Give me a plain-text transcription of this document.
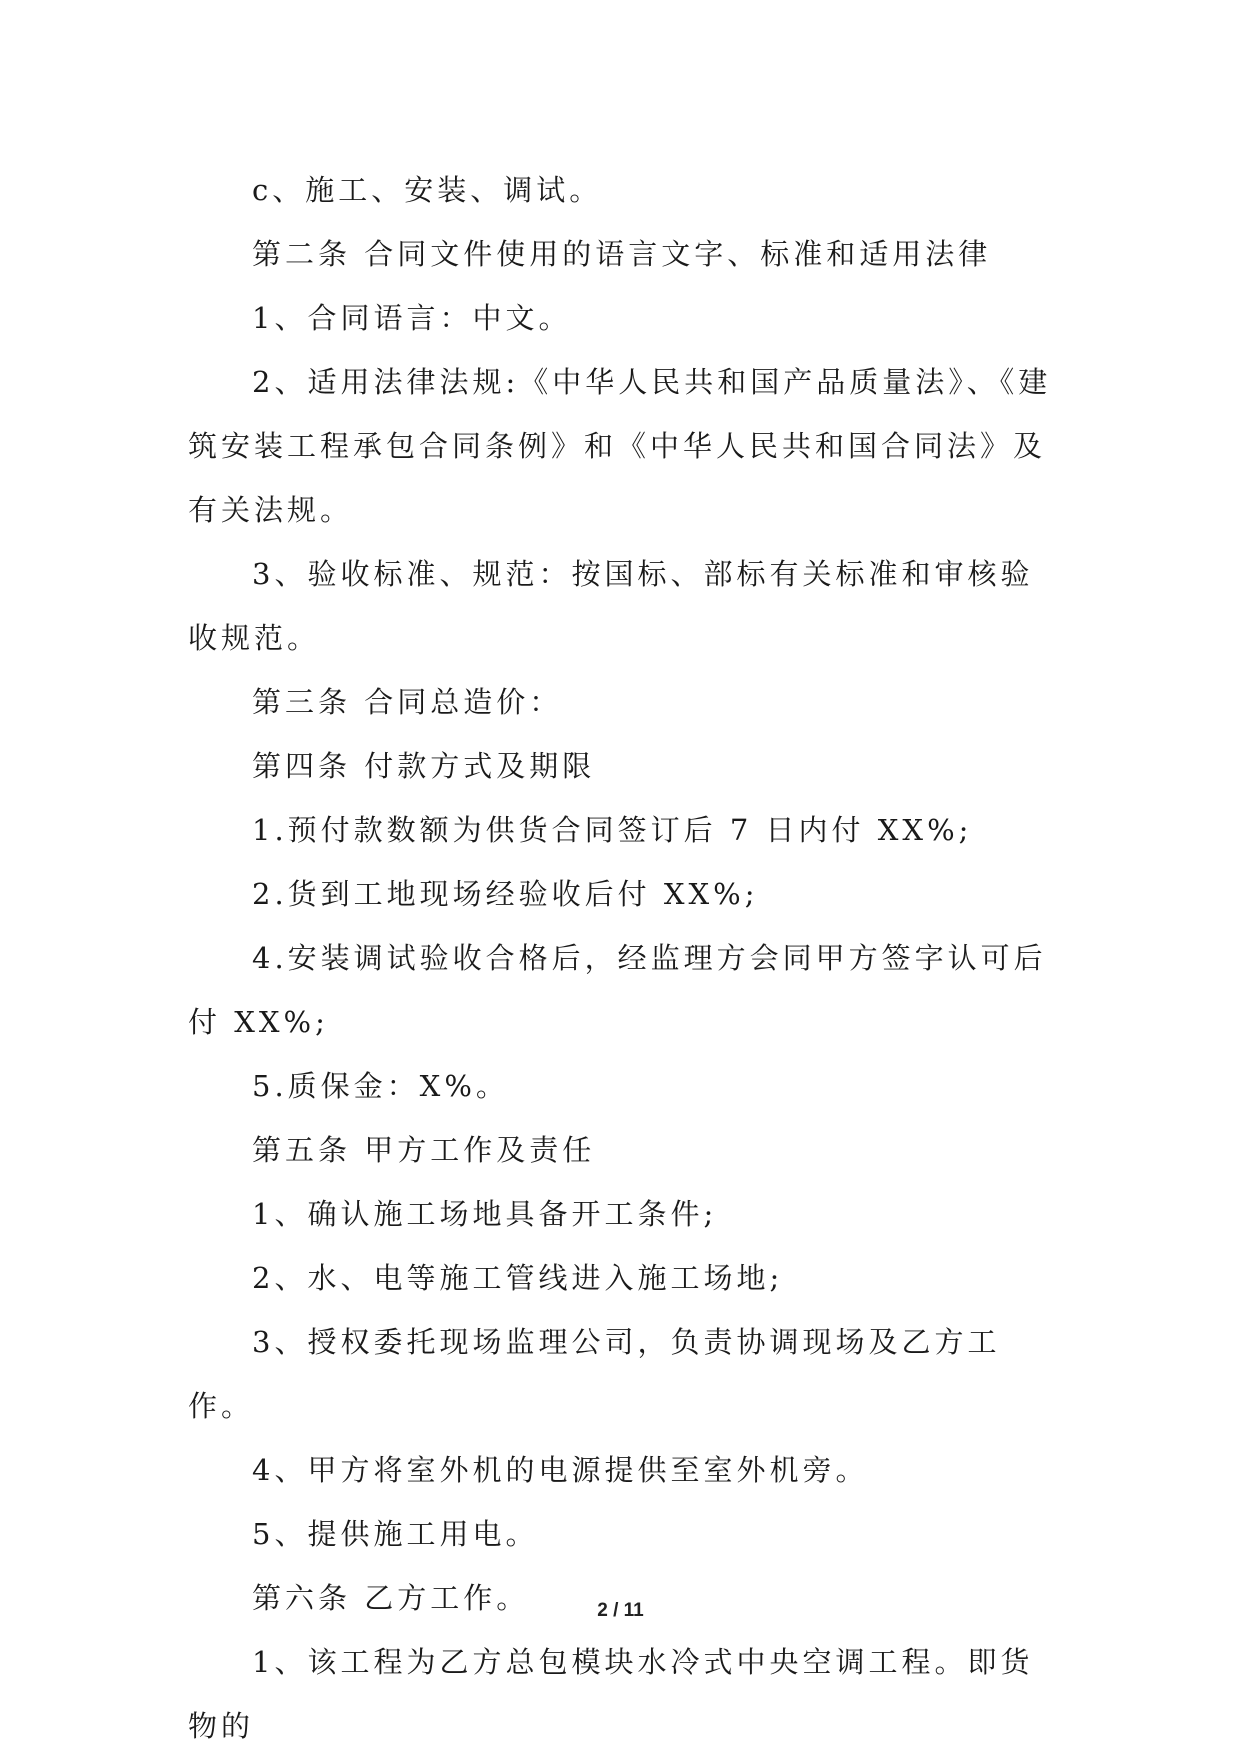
c、施工、安装、调试。

第二条 合同文件使用的语言文字、标准和适用法律

1、合同语言：中文。

2、适用法律法规:《中华人民共和国产品质量法》、《建筑安装工程承包合同条例》和《中华人民共和国合同法》及有关法规。

3、验收标准、规范：按国标、部标有关标准和审核验收规范。

第三条 合同总造价：

第四条 付款方式及期限

1.预付款数额为供货合同签订后 7 日内付 XX%;

2.货到工地现场经验收后付 XX%;

4.安装调试验收合格后，经监理方会同甲方签字认可后付 XX%;

5.质保金：X%。

第五条 甲方工作及责任

1、确认施工场地具备开工条件;

2、水、电等施工管线进入施工场地;

3、授权委托现场监理公司，负责协调现场及乙方工作。

4、甲方将室外机的电源提供至室外机旁。

5、提供施工用电。

第六条 乙方工作。

1、该工程为乙方总包模块水冷式中央空调工程。即货物的

2 / 11
